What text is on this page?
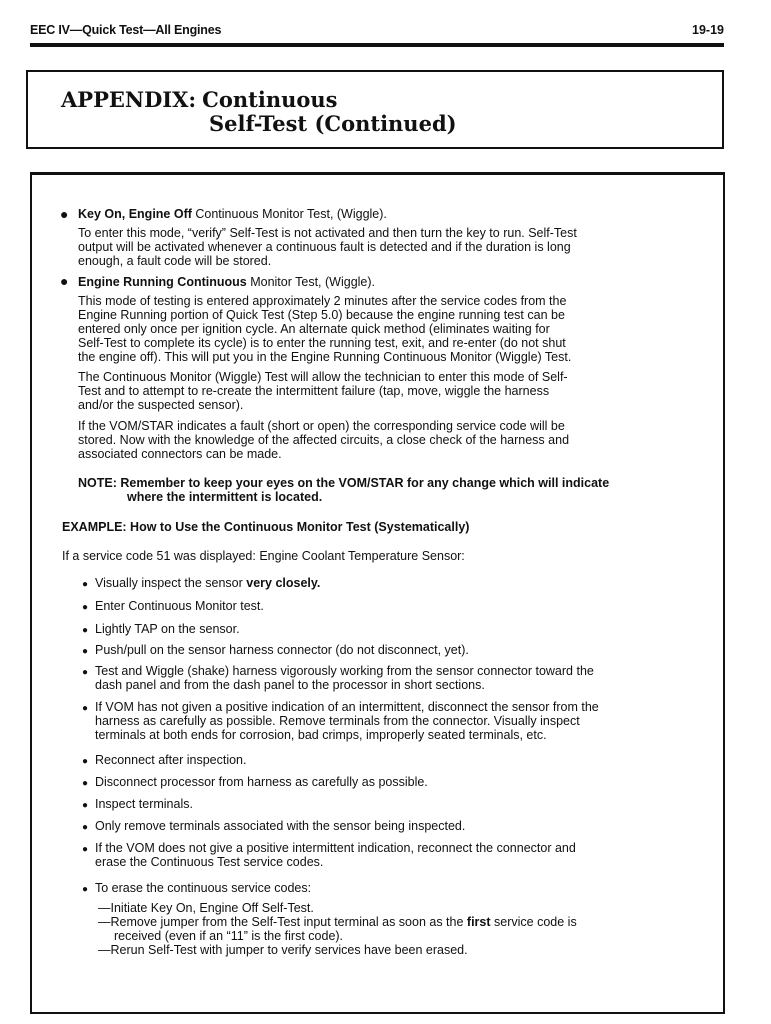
EEC IV—Quick Test—All Engines	19-19
APPENDIX: Continuous
Self-Test (Continued)
● Key On, Engine Off Continuous Monitor Test, (Wiggle).
To enter this mode, “verify” Self-Test is not activated and then turn the key to run. Self-Test
output will be activated whenever a continuous fault is detected and if the duration is long
enough, a fault code will be stored.
● Engine Running Continuous Monitor Test, (Wiggle).
This mode of testing is entered approximately 2 minutes after the service codes from the
Engine Running portion of Quick Test (Step 5.0) because the engine running test can be
entered only once per ignition cycle. An alternate quick method (eliminates waiting for
Self-Test to complete its cycle) is to enter the running test, exit, and re-enter (do not shut
the engine off). This will put you in the Engine Running Continuous Monitor (Wiggle) Test.
The Continuous Monitor (Wiggle) Test will allow the technician to enter this mode of Self-
Test and to attempt to re-create the intermittent failure (tap, move, wiggle the harness
and/or the suspected sensor).
If the VOM/STAR indicates a fault (short or open) the corresponding service code will be
stored. Now with the knowledge of the affected circuits, a close check of the harness and
associated connectors can be made.
NOTE: Remember to keep your eyes on the VOM/STAR for any change which will indicate
where the intermittent is located.
EXAMPLE: How to Use the Continuous Monitor Test (Systematically)
If a service code 51 was displayed: Engine Coolant Temperature Sensor:
● Visually inspect the sensor very closely.
● Enter Continuous Monitor test.
● Lightly TAP on the sensor.
● Push/pull on the sensor harness connector (do not disconnect, yet).
● Test and Wiggle (shake) harness vigorously working from the sensor connector toward the
dash panel and from the dash panel to the processor in short sections.
● If VOM has not given a positive indication of an intermittent, disconnect the sensor from the
harness as carefully as possible. Remove terminals from the connector. Visually inspect
terminals at both ends for corrosion, bad crimps, improperly seated terminals, etc.
● Reconnect after inspection.
● Disconnect processor from harness as carefully as possible.
● Inspect terminals.
● Only remove terminals associated with the sensor being inspected.
● If the VOM does not give a positive intermittent indication, reconnect the connector and
erase the Continuous Test service codes.
● To erase the continuous service codes:
—Initiate Key On, Engine Off Self-Test.
—Remove jumper from the Self-Test input terminal as soon as the first service code is
received (even if an “11” is the first code).
—Rerun Self-Test with jumper to verify services have been erased.
